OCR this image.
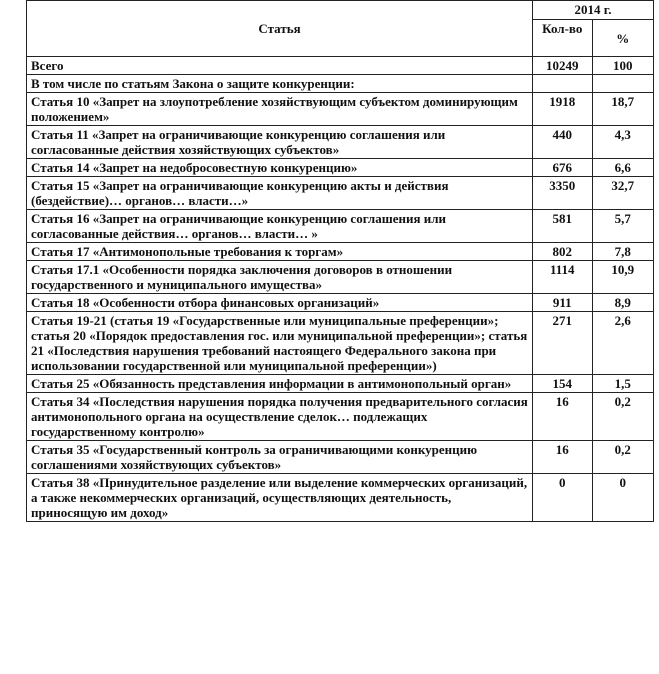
Статья	2014 г.	
	Кол-во	%
Всего	10249	100
В том числе по статьям Закона о защите конкуренции:		
Статья 10 «Запрет на злоупотребление хозяйствующим субъектом доминирующим положением»	1918	18,7
Статья 11 «Запрет на ограничивающие конкуренцию соглашения или согласованные действия хозяйствующих субъектов»	440	4,3
Статья 14 «Запрет на недобросовестную конкуренцию»	676	6,6
Статья 15 «Запрет на ограничивающие конкуренцию акты и действия (бездействие)… органов… власти…»	3350	32,7
Статья 16 «Запрет на ограничивающие конкуренцию соглашения или согласованные действия… органов… власти… »	581	5,7
Статья 17 «Антимонопольные требования к торгам»	802	7,8
Статья 17.1 «Особенности порядка заключения договоров в отношении государственного и муниципального имущества»	1114	10,9
Статья 18 «Особенности отбора финансовых организаций»	911	8,9
Статья 19-21 (статья 19 «Государственные или муниципальные преференции»; статья 20 «Порядок предоставления гос. или муниципальной преференции»; статья 21 «Последствия нарушения требований настоящего Федерального закона при использовании государственной или муниципальной преференции»)	271	2,6
Статья 25 «Обязанность представления информации в антимонопольный орган»	154	1,5
Статья 34 «Последствия нарушения порядка получения предварительного согласия антимонопольного органа на осуществление сделок… подлежащих государственному контролю»	16	0,2
Статья 35 «Государственный контроль за ограничивающими конкуренцию соглашениями хозяйствующих субъектов»	16	0,2
Статья 38 «Принудительное разделение или выделение коммерческих организаций, а также некоммерческих организаций, осуществляющих деятельность, приносящую им доход»	0	0
